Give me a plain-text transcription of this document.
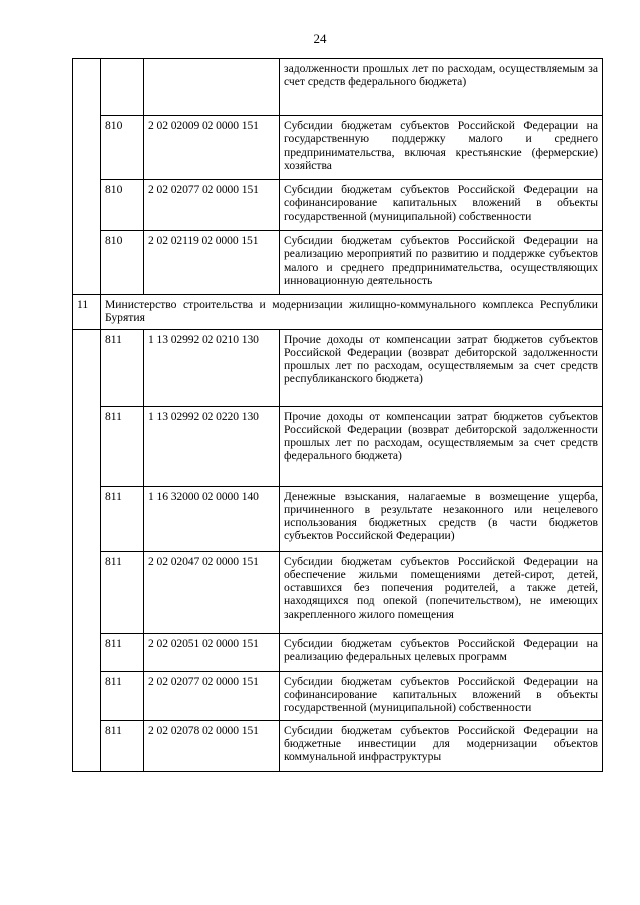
24
			задолженности прошлых лет по расходам, осуществляемым за счет средств федерального бюджета)
	810	2 02 02009 02 0000 151	Субсидии бюджетам субъектов Российской Федерации на государственную поддержку малого и среднего предпринимательства, включая крестьянские (фермерские) хозяйства
	810	2 02 02077 02 0000 151	Субсидии бюджетам субъектов Российской Федерации на софинансирование капитальных вложений в объекты государственной (муниципальной) собственности
	810	2 02 02119 02 0000 151	Субсидии бюджетам субъектов Российской Федерации на реализацию мероприятий по развитию и поддержке субъектов малого и среднего предпринимательства, осуществляющих инновационную деятельность
11	Министерство строительства и модернизации жилищно-коммунального комплекса Республики Бурятия		
	811	1 13 02992 02 0210 130	Прочие доходы от компенсации затрат бюджетов субъектов Российской Федерации (возврат дебиторской задолженности прошлых лет по расходам, осуществляемым за счет средств республиканского бюджета)
	811	1 13 02992 02 0220 130	Прочие доходы от компенсации затрат бюджетов субъектов Российской Федерации (возврат дебиторской задолженности прошлых лет по расходам, осуществляемым за счет средств федерального бюджета)
	811	1 16 32000 02 0000 140	Денежные взыскания, налагаемые в возмещение ущерба, причиненного в результате незаконного или нецелевого использования бюджетных средств (в части бюджетов субъектов Российской Федерации)
	811	2 02 02047 02 0000 151	Субсидии бюджетам субъектов Российской Федерации на обеспечение жильми помещениями детей-сирот, детей, оставшихся без попечения родителей, а также детей, находящихся под опекой (попечительством), не имеющих закрепленного жилого помещения
	811	2 02 02051 02 0000 151	Субсидии бюджетам субъектов Российской Федерации на реализацию федеральных целевых программ
	811	2 02 02077 02 0000 151	Субсидии бюджетам субъектов Российской Федерации на софинансирование капитальных вложений в объекты государственной (муниципальной) собственности
	811	2 02 02078 02 0000 151	Субсидии бюджетам субъектов Российской Федерации на бюджетные инвестиции для модернизации объектов коммунальной инфраструктуры
